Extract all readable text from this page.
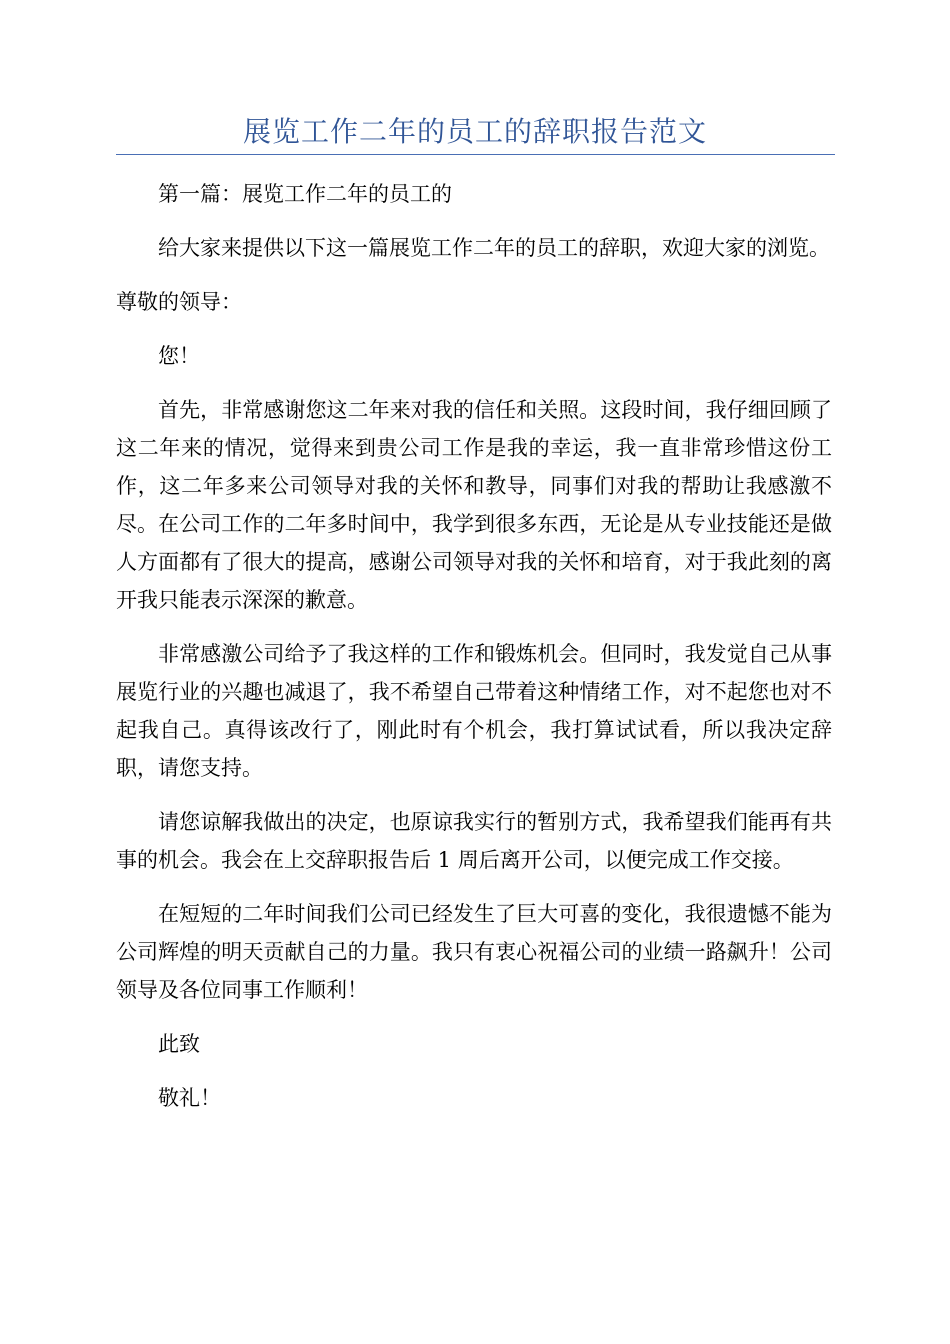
展览工作二年的员工的辞职报告范文

第一篇：展览工作二年的员工的

给大家来提供以下这一篇展览工作二年的员工的辞职，欢迎大家的浏览。

尊敬的领导：

您！

首先，非常感谢您这二年来对我的信任和关照。这段时间，我仔细回顾了这二年来的情况，觉得来到贵公司工作是我的幸运，我一直非常珍惜这份工作，这二年多来公司领导对我的关怀和教导，同事们对我的帮助让我感激不尽。在公司工作的二年多时间中，我学到很多东西，无论是从专业技能还是做人方面都有了很大的提高，感谢公司领导对我的关怀和培育，对于我此刻的离开我只能表示深深的歉意。

非常感激公司给予了我这样的工作和锻炼机会。但同时，我发觉自己从事展览行业的兴趣也减退了，我不希望自己带着这种情绪工作，对不起您也对不起我自己。真得该改行了，刚此时有个机会，我打算试试看，所以我决定辞职，请您支持。

请您谅解我做出的决定，也原谅我实行的暂别方式，我希望我们能再有共事的机会。我会在上交辞职报告后 1 周后离开公司，以便完成工作交接。

在短短的二年时间我们公司已经发生了巨大可喜的变化，我很遗憾不能为公司辉煌的明天贡献自己的力量。我只有衷心祝福公司的业绩一路飙升！公司领导及各位同事工作顺利！

此致

敬礼！
